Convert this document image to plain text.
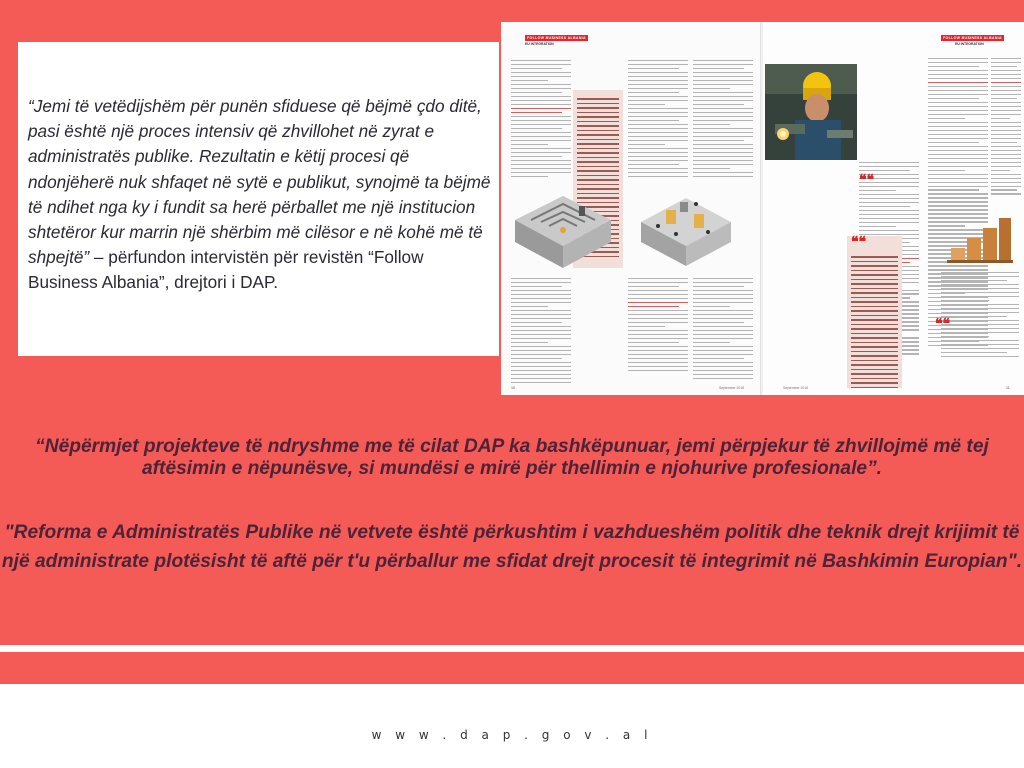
“Jemi të vetëdijshëm për punën sfiduese që bëjmë çdo ditë, pasi është një proces intensiv që zhvillohet në zyrat e administratës publike. Rezultatin e këtij procesi që ndonjëherë nuk shfaqet në sytë e publikut, synojmë ta bëjmë të ndihet nga ky i fundit sa herë përballet me një institucion shtetëror kur marrin një shërbim më cilësor e në kohë më të shpejtë” – përfundon intervistën për revistën “Follow Business Albania”, drejtori i DAP.

FOLLOW BUSINESS ALBANIA
EU INTEGRATION
10	September 2018
FOLLOW BUSINESS ALBANIA
EU INTEGRATION
❝❝
❝❝
❝❝
11
September 2018

“Nëpërmjet projekteve të ndryshme me të cilat DAP ka bashkëpunuar, jemi përpjekur të zhvillojmë më tej aftësimin e nëpunësve, si mundësi e mirë për thellimin e njohurive profesionale”.

"Reforma e Administratës Publike në vetvete është përkushtim i vazhdueshëm politik dhe teknik drejt krijimit të një administrate plotësisht të aftë për t'u përballur me sfidat drejt procesit të integrimit në Bashkimin Europian".

w w w . d a p . g o v . a l
